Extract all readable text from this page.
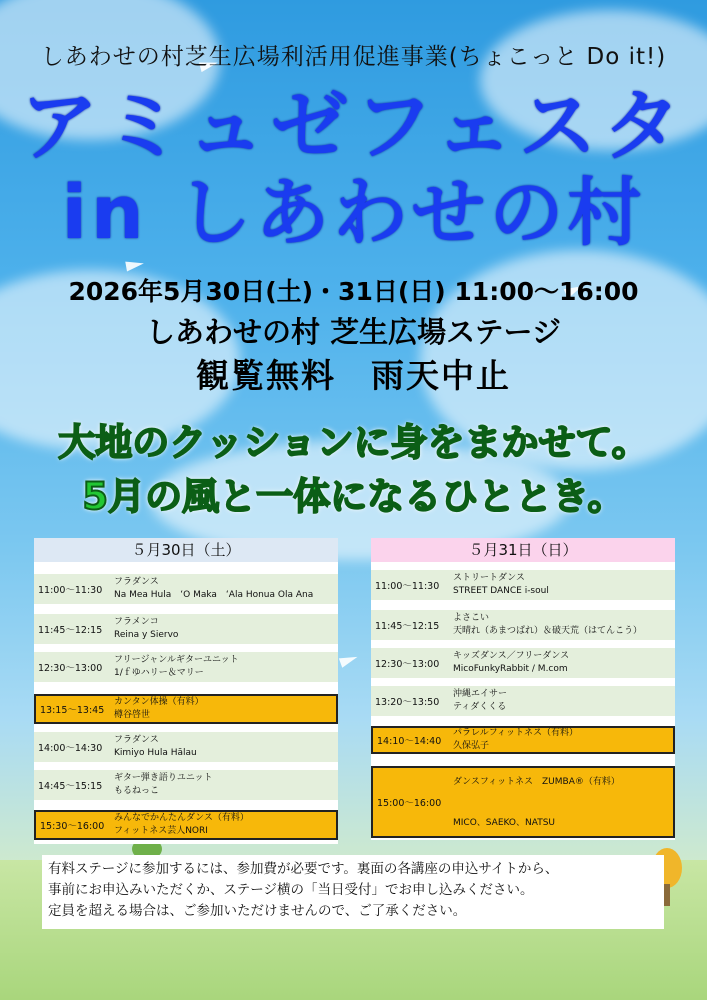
しあわせの村芝生広場利活用促進事業(ちょこっと Do it!)
アミュゼフェスタ
in しあわせの村
2026年5月30日(土)・31日(日) 11:00〜16:00
しあわせの村 芝生広場ステージ
観覧無料　雨天中止
大地のクッションに身をまかせて。
5月の風と一体になるひととき。
５月30日（土）
11:00〜11:30
フラダンス
Na Mea Hula　ʻO Maka　ʻAla Honua Ola Ana
11:45〜12:15
フラメンコ
Reina y Siervo
12:30〜13:00
フリージャンルギターユニット
1/ｆゆハリー＆マリー
13:15〜13:45
カンタン体操（有料）
樽谷啓世
14:00〜14:30
フラダンス
Kimiyo Hula Hālau
14:45〜15:15
ギター弾き語りユニット
もるねっこ
15:30〜16:00
みんなでかんたんダンス（有料）
フィットネス芸人NORI
５月31日（日）
11:00〜11:30
ストリートダンス
STREET DANCE i-soul
11:45〜12:15
よさこい
天晴れ（あまつぱれ）＆破天荒（はてんこう）
12:30〜13:00
キッズダンス／フリーダンス
MicoFunkyRabbit / M.com
13:20〜13:50
沖縄エイサー
ティダくくる
14:10〜14:40
パラレルフィットネス（有料）
久保弘子
15:00〜16:00
ダンスフィットネス　ZUMBA®（有料）
MICO、SAEKO、NATSU
有料ステージに参加するには、参加費が必要です。裏面の各講座の申込サイトから、
事前にお申込みいただくか、ステージ横の「当日受付」でお申し込みください。
定員を超える場合は、ご参加いただけませんので、ご了承ください。
